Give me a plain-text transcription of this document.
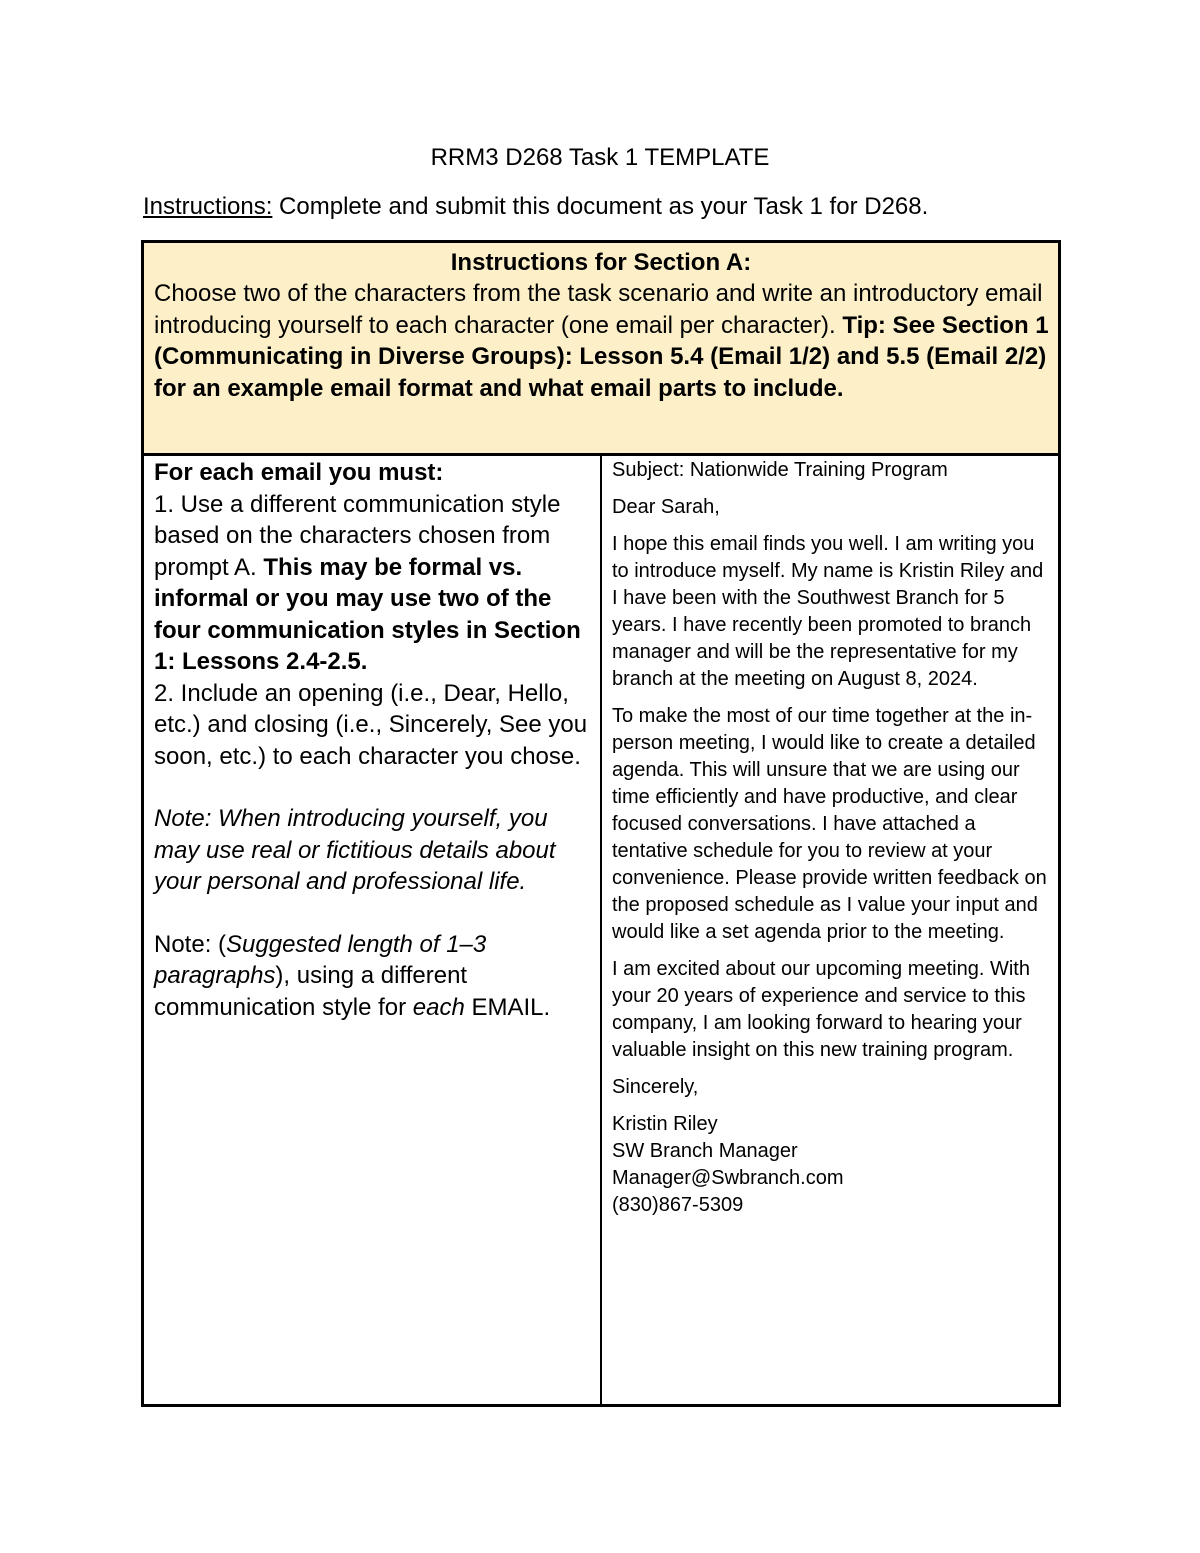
RRM3 D268 Task 1 TEMPLATE
Instructions: Complete and submit this document as your Task 1 for D268.
Instructions for Section A:
Choose two of the characters from the task scenario and write an introductory email introducing yourself to each character (one email per character). Tip: See Section 1 (Communicating in Diverse Groups): Lesson 5.4 (Email 1/2) and 5.5 (Email 2/2) for an example email format and what email parts to include.

For each email you must:

1. Use a different communication style based on the characters chosen from prompt A. This may be formal vs. informal or you may use two of the four communication styles in Section 1: Lessons 2.4-2.5.

2. Include an opening (i.e., Dear, Hello, etc.) and closing (i.e., Sincerely, See you soon, etc.) to each character you chose.

Note: When introducing yourself, you may use real or fictitious details about your personal and professional life.

Note: (Suggested length of 1–3 paragraphs), using a different communication style for each EMAIL.

Subject: Nationwide Training Program

Dear Sarah,

I hope this email finds you well. I am writing you to introduce myself. My name is Kristin Riley and I have been with the Southwest Branch for 5 years. I have recently been promoted to branch manager and will be the representative for my branch at the meeting on August 8, 2024.

To make the most of our time together at the in-person meeting, I would like to create a detailed agenda. This will unsure that we are using our time efficiently and have productive, and clear focused conversations. I have attached a tentative schedule for you to review at your convenience. Please provide written feedback on the proposed schedule as I value your input and would like a set agenda prior to the meeting.

I am excited about our upcoming meeting. With your 20 years of experience and service to this company, I am looking forward to hearing your valuable insight on this new training program.

Sincerely,

Kristin Riley

SW Branch Manager

Manager@Swbranch.com

(830)867-5309
